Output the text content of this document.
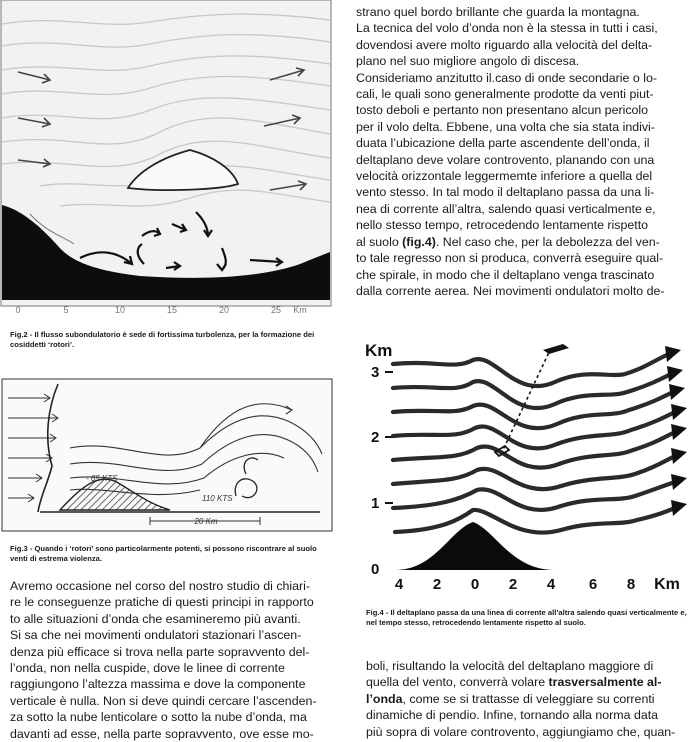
strano quel bordo brillante che guarda la montagna.
La tecnica del volo d’onda non è la stessa in tutti i casi,
dovendosi avere molto riguardo alla velocità del delta-
plano nel suo migliore angolo di discesa.
Consideriamo anzitutto il.caso di onde secondarie o lo-
cali, le quali sono generalmente prodotte da venti piut-
tosto deboli e pertanto non presentano alcun pericolo
per il volo delta. Ebbene, una volta che sia stata indivi-
duata l’ubicazione della parte ascendente dell’onda, il
deltaplano deve volare controvento, planando con una
velocità orizzontale leggermemte inferiore a quella del
vento stesso. In tal modo il deltaplano passa da una li-
nea di corrente all’altra, salendo quasi verticalmente e,
nello stesso tempo, retrocedendo lentamente rispetto
al suolo (fig.4). Nel caso che, per la debolezza del ven-
to tale regresso non si produca, converrà eseguire qual-
che spirale, in modo che il deltaplano venga trascinato
dalla corrente aerea. Nei movimenti ondulatori molto de-
0	5	10	15	20	25 Km
Fig.2 - Il flusso subondulatorio è sede di fortissima turbolenza, per la formazione dei cosiddetti ‘rotori’.
- 65 KTS
110 KTS
20 Km
Fig.3 - Quando i ‘rotori’ sono particolarmente potenti, si possono riscontrare al suolo venti di estrema violenza.
Avremo occasione nel corso del nostro studio di chiari-
re le conseguenze pratiche di questi principi in rapporto
to alle situazioni d’onda che esamineremo più avanti.
Si sa che nei movimenti ondulatori stazionari l’ascen-
denza più efficace si trova nella parte sopravvento del-
l’onda, non nella cuspide, dove le linee di corrente
raggiungono l’altezza massima e dove la componente
verticale è nulla. Non si deve quindi cercare l’ascenden-
za sotto la nube lenticolare o sotto la nube d’onda, ma
davanti ad esse, nella parte sopravvento, ove esse mo-
Km
3
2
1
0
4 2 0 2 4 6 8 Km
Fig.4 - Il deltaplano passa da una linea di corrente all’altra salendo quasi verticalmente e, nel tempo stesso, retrocedendo lentamente rispetto al suolo.
boli, risultando la velocità del deltaplano maggiore di
quella del vento, converrà volare trasversalmente al-
l’onda, come se si trattasse di veleggiare su correnti
dinamiche di pendio. Infine, tornando alla norma data
più sopra di volare controvento, aggiungiamo che, quan-
